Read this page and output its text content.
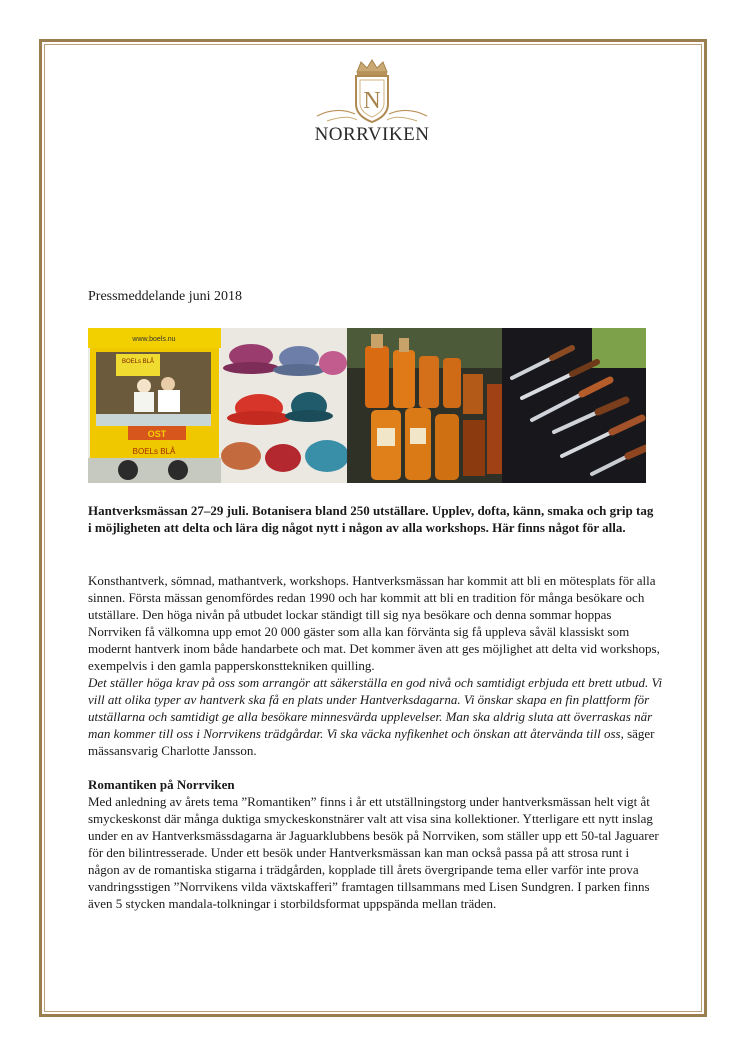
N
NORRVIKEN
Pressmeddelande juni 2018
www.boels.nu
BOELs BLÅ
OST
BOELs BLÅ
Hantverksmässan 27–29 juli. Botanisera bland 250 utställare. Upplev, dofta, känn, smaka och grip tag i möjligheten att delta och lära dig något nytt i någon av alla workshops. Här finns något för alla.

Konsthantverk, sömnad, mathantverk, workshops. Hantverksmässan har kommit att bli en mötesplats för alla sinnen. Första mässan genomfördes redan 1990 och har kommit att bli en tradition för många besökare och utställare. Den höga nivån på utbudet lockar ständigt till sig nya besökare och denna sommar hoppas Norrviken få välkomna upp emot 20 000 gäster som alla kan förvänta sig få uppleva såväl klassiskt som modernt hantverk inom både handarbete och mat. Det kommer även att ges möjlighet att delta vid workshops, exempelvis i den gamla papperskonsttekniken quilling.

Det ställer höga krav på oss som arrangör att säkerställa en god nivå och samtidigt erbjuda ett brett utbud. Vi vill att olika typer av hantverk ska få en plats under Hantverksdagarna. Vi önskar skapa en fin plattform för utställarna och samtidigt ge alla besökare minnesvärda upplevelser. Man ska aldrig sluta att överraskas när man kommer till oss i Norrvikens trädgårdar. Vi ska väcka nyfikenhet och önskan att återvända till oss, säger mässansvarig Charlotte Jansson.

Romantiken på Norrviken

Med anledning av årets tema ”Romantiken” finns i år ett utställningstorg under hantverksmässan helt vigt åt smyckeskonst där många duktiga smyckeskonstnärer valt att visa sina kollektioner. Ytterligare ett nytt inslag under en av Hantverksmässdagarna är Jaguarklubbens besök på Norrviken, som ställer upp ett 50-tal Jaguarer för den bilintresserade. Under ett besök under Hantverksmässan kan man också passa på att strosa runt i någon av de romantiska stigarna i trädgården, kopplade till årets övergripande tema eller varför inte prova vandringsstigen ”Norrvikens vilda växtskafferi” framtagen tillsammans med Lisen Sundgren. I parken finns även 5 stycken mandala-tolkningar i storbildsformat uppspända mellan träden.
